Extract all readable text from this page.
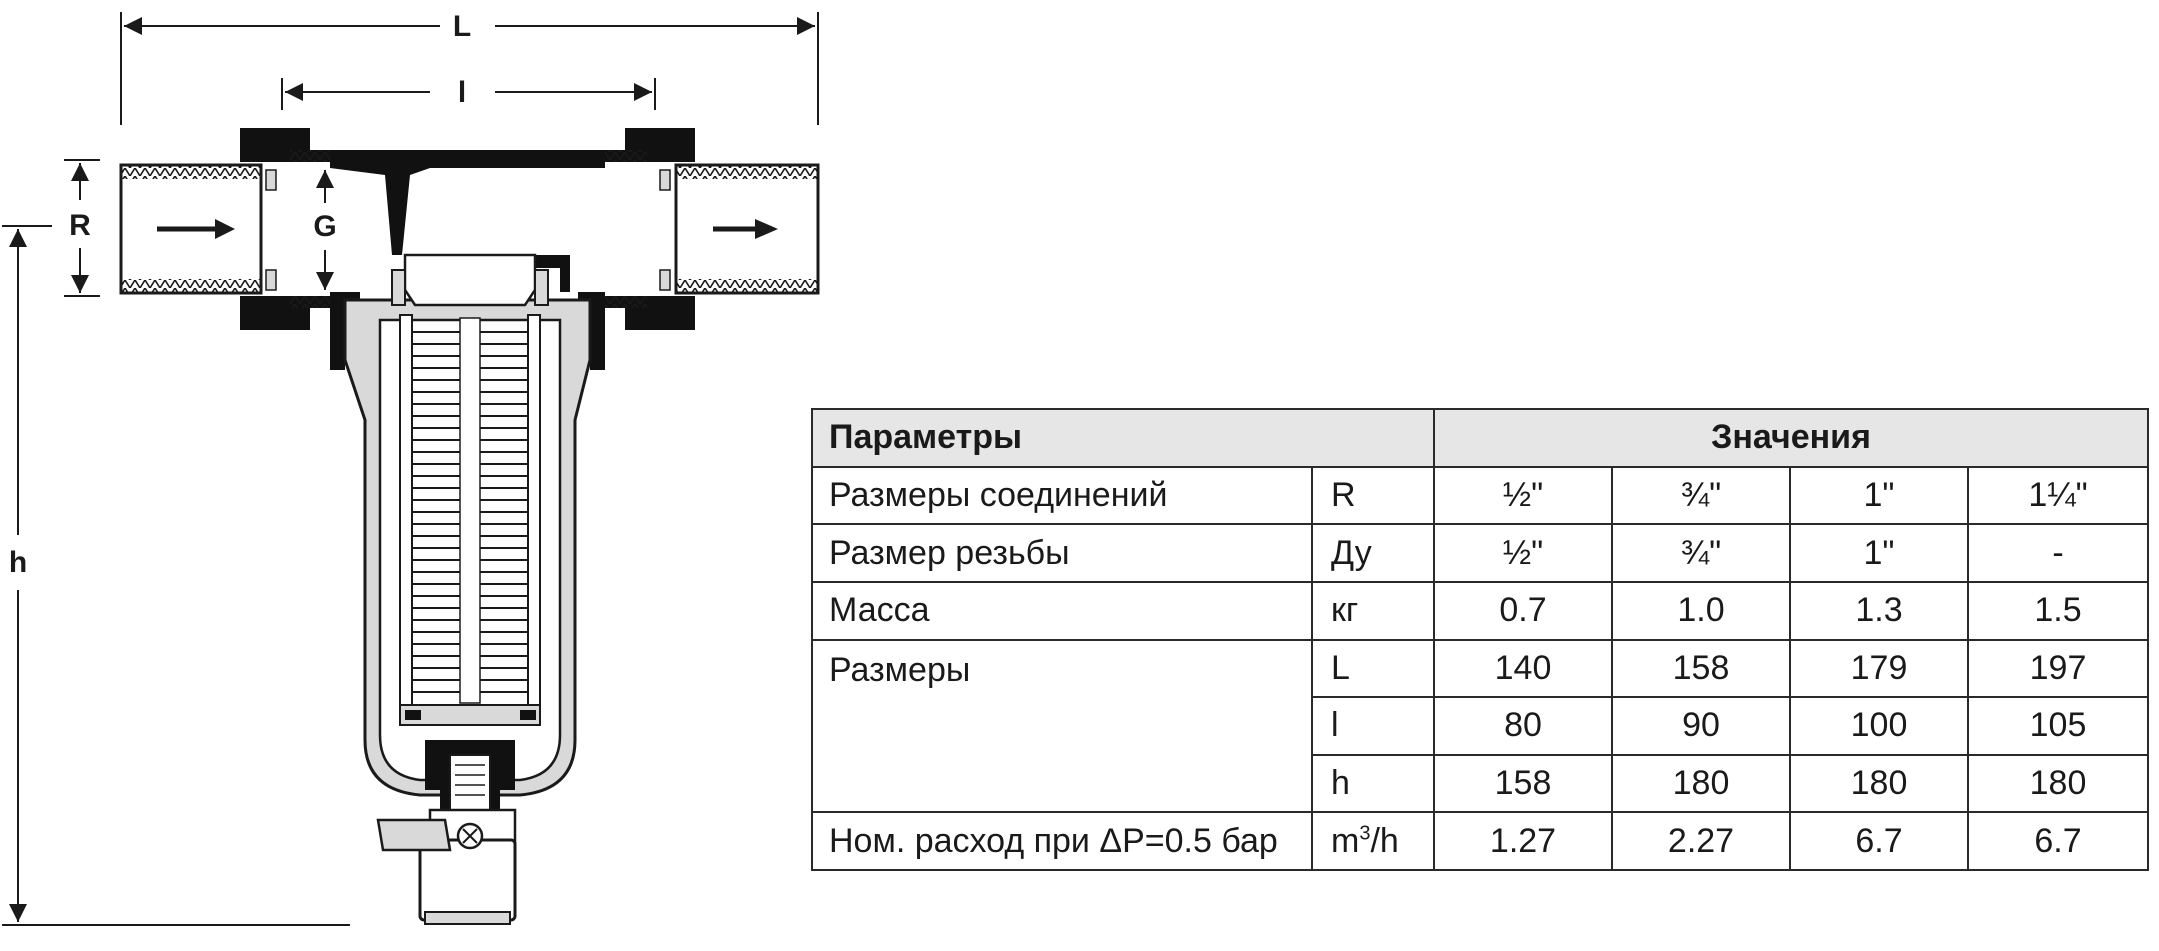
L
l
h
R	G
Параметры		Значения			
Размеры соединений	R	½"	¾"	1"	1¼"
Размер резьбы	Ду	½"	¾"	1"	-
Масса	кг	0.7	1.0	1.3	1.5
Размеры	L	140	158	179	197
	l	80	90	100	105
	h	158	180	180	180
Ном. расход при ΔP=0.5 бар	$m^3/h$	1.27	2.27	6.7	6.7
